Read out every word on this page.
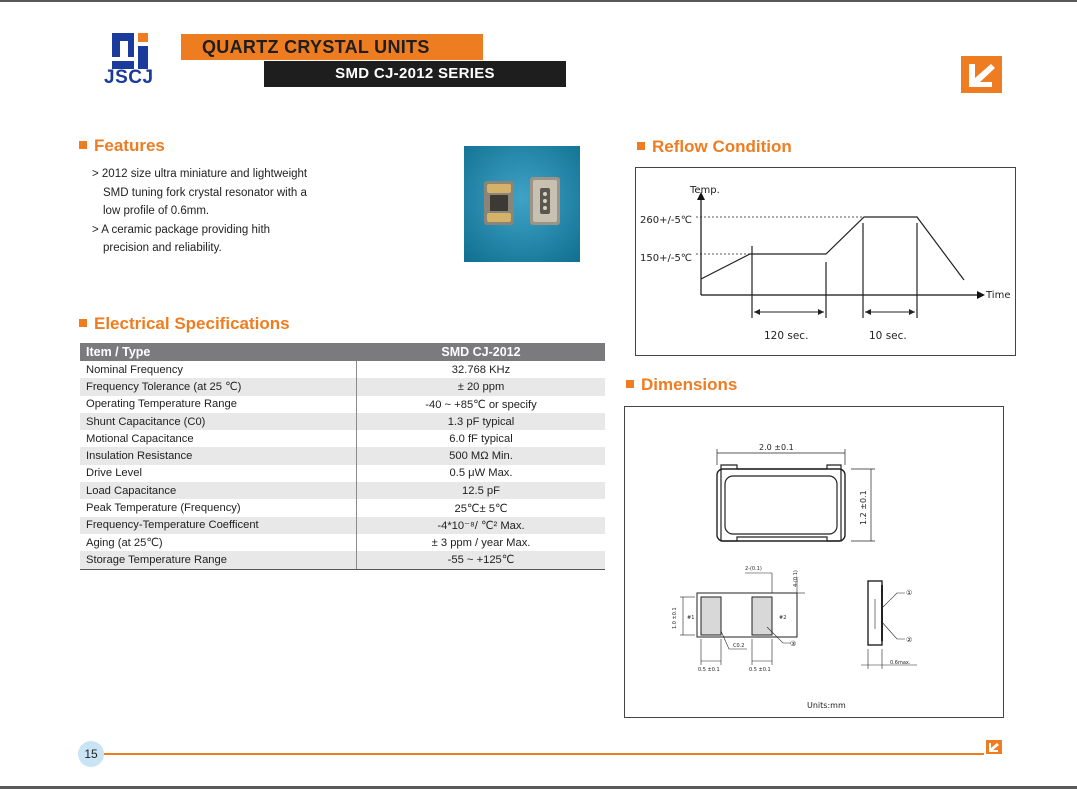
JSCJ
QUARTZ CRYSTAL UNITS
SMD CJ-2012 SERIES
Features
> 2012 size ultra miniature and lightweight
SMD tuning fork crystal resonator with a
low profile of 0.6mm.
> A ceramic package providing hith
precision and reliability.
Electrical Specifications
Item / Type	SMD CJ-2012
Nominal Frequency	32.768 KHz
Frequency Tolerance (at 25 ℃)	± 20 ppm
Operating Temperature Range	-40 ~ +85℃ or specify
Shunt Capacitance (C0)	1.3 pF typical
Motional Capacitance	6.0 fF typical
Insulation Resistance	500 MΩ Min.
Drive Level	0.5 μW Max.
Load Capacitance	12.5 pF
Peak Temperature (Frequency)	25℃± 5℃
Frequency-Temperature Coefficent	-4*10⁻⁸/ ℃² Max.
Aging (at 25℃)	± 3 ppm / year Max.
Storage Temperature Range	-55 ~ +125℃
Reflow Condition
Temp.
Time
260+/-5℃
150+/-5℃
120 sec.	10 sec.
Dimensions
2.0 ±0.1
1.2 ±0.1
1.0 ±0.1 #1	#2
2-(0.1)
4-(0.1)
C0.2	③
0.5 ±0.1	0.5 ±0.1
①
②
0.6max.
Units:mm
15
